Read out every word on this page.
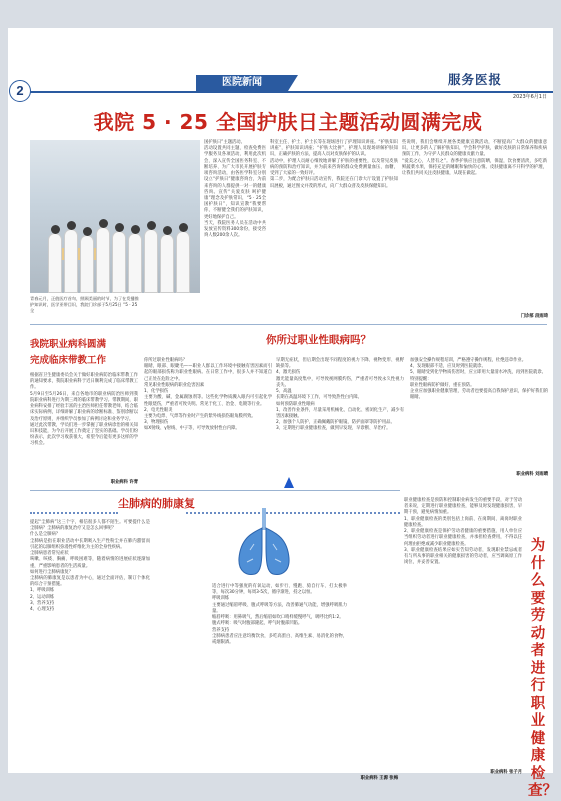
医院新闻	服务医报
2023年6月1日
我院 5 · 25 全国护肤日主题活动圆满完成
青春元月，正值医疗首旬，照顾美丽的时节，为了在发播推护知识时，医学亚带目识，我院门诊部于5月25日 “5 · 25 全
国护肤日”主题活动。
活动设置共同主题、检查免费医学服务及各项活动，利用此次机会，深入宣传全国医务科室、不断培养、为广大市民开展护肤专项咨询活动，由各医学科室分别设立“护肤日”健康咨询台，为前来咨询的人群提供一对一的健康咨询。宣传“关爱皮肤 呵护健康”理念及护肤常识，“5 · 25全国护肤日”，知识宣教“我要帮你，不断健全我们的护肤知识，更好地保护自己。
当天，我院医务人员在活动中共发放宣传资料300余份，接受咨询人数200余人次。
科室主任、护士、护士长等在现场进行了护理知识讲座。“护肤知识讲座”，护肤知识讲座；“护肤大比拼”，护理人员现场讲解护肤知识，正确护肤的方法，提高人员对皮肤保护的认识。
活动中，护理人员耐心细致地讲解了护肤的重要性，以及常见皮肤病的预防和治疗知识，并为前来咨询的群众免费测量血压、血糖，受到了大家的一致好评。
第二步，为配合护肤日活动宣传，我院还在门诊大厅设置了护肤知识展板，通过图文并茂的形式，向广大群众普及皮肤保健知识。
些说明，我们会继续开展各类健康宣教活动，不断提高广大群众的健康意识，让更多的人了解护肤知识，学会科学护肤，做好皮肤的日常保养和疾病预防工作，为守护人民群众的健康贡献力量。
“爱美之心，人皆有之”。春季护肤应注意防晒，保湿，饮食要清淡，多吃新鲜蔬菜水果，保持充足的睡眠和愉快的心情。皮肤健康离不开科学的护理，让我们共同关注皮肤健康，从现在做起。
门诊部 段雨琦
我院职业病科圆满
完成临床带教工作
根据省卫生健康委员会关于做好职业病防治临床带教工作的通知要求，我院职业病科于近日顺利完成了临床带教工作。
5月9日至5月26日，来自各地市的职业病防治医师到我院职业病科进行为期三周的临床带教学习。带教期间，职业病科安排了经验丰富的主治医师担任带教老师，结合临床实际病例，详细讲解了职业病的诊断标准、鉴别诊断以及治疗原则，并组织学员参加了病例讨论和业务学习。
通过此次带教，学员们进一步掌握了职业病诊治的相关知识和技能，为今后开展工作奠定了坚实的基础。学员们纷纷表示，此次学习收获很大，希望今后能有更多这样的学习机会。
职业病科 许青
你所过职业性眼病吗？
你所过职业性眼病吗？
眼睛，眼部、眼睫毛——职业人群以工作环境中接触有害因素而引起的眼部损伤称为职业性眼病。在日常工作中，很多人并不知道自己正处在危险之中。
常见职业性眼病的职业危害因素
1、化学损伤
主要为酸、碱、金属腐蚀剂等。这些化学物质溅入眼内可引起化学性眼烧伤，严重者可致失明。常见于化工、冶金、电镀等行业。
2、电光性眼炎
主要为电焊、气焊等作业时产生的紫外线损伤眼角膜所致。
3、物理损伤
如X射线、γ射线、中子等，可导致放射性白内障。
早期无症状，但后期会出现不同程度的视力下降、视物变形、视野缺损等。
4、激光损伤
激光能量高度集中，可导致视网膜灼伤，严重者可导致永久性视力丧失。
5、高温
长期在高温环境下工作，可导致热性白内障。
如何预防职业性眼病
1、改善作业条件，尽量采用机械化、自动化、密闭化生产，减少有害因素接触。
2、加强个人防护，正确佩戴防护眼镜、防护面罩等防护用品。
3、定期进行职业健康检查，做到早发现、早诊断、早治疗。
加强安全操作规程培训，严格遵守操作规程，杜绝违章作业。
4、发现眼部不适，应及时到医院就诊。
5、眼睛受到化学物质伤害时，应立即用大量清水冲洗，再到医院就诊。
特别提醒：
职业性眼病防护做好，重在预防。
企业应加强职业健康管理，劳动者也要提高自我保护意识，保护好我们的眼睛。
职业病科 刘雨晴
尘肺病的肺康复
提起“尘肺病”这三个字，相信很多人都不陌生。可要提什么是尘肺病？尘肺病的康复治疗又是怎么回事呢？
什么是尘肺病？
尘肺病是指在职业活动中长期吸入生产性粉尘并在肺内潴留而引起的以肺组织弥漫性纤维化为主的全身性疾病。
尘肺病患者常见症状
咳嗽、咳痰、胸痛、呼吸困难等，随着病情的进展症状逐渐加重，严重影响患者的生活质量。
如何进行尘肺病康复？
尘肺病的肺康复是以患者为中心，通过全面评估，制订个体化的综合干预措施。
1、呼吸训练
2、运动训练
3、营养支持
4、心理支持
适合进行中等强度的有氧运动，如步行、慢跑、骑自行车、打太极拳等，每次30分钟，每周3-5次，循序渐进，持之以恒。
呼吸训练
主要通过缩唇呼吸、腹式呼吸等方法，改善肺通气功能，增强呼吸肌力量。
缩唇呼吸：用鼻吸气，然后缩唇如吹口哨样缓慢呼气，吸呼比约1:2。
腹式呼吸：吸气时腹部隆起，呼气时腹部凹陷。
营养支持
尘肺病患者应注意均衡饮食，多吃高蛋白、高维生素、易消化的食物，戒烟限酒。
职业病科 王源 张梅
职业健康检查是预防和控制职业病发生的重要手段，对于劳动者来说，定期进行职业健康检查，能够及时发现健康损害，早期干预，避免病情加重。
1、职业健康检查的类别包括上岗前、在岗期间、离岗时职业健康检查。
2、职业健康检查是保护劳动者健康的重要措施，用人单位应当组织劳动者进行职业健康检查，并承担检查费用，不得以任何理由拒绝或减少职业健康检查。
3、职业健康检查结果应如实告知劳动者，发现职业禁忌或者有与所从事的职业相关的健康损害的劳动者，应当调离原工作岗位，并妥善安置。
为什么要劳动者进行职业健康检查？
职业病科 张子月
2
